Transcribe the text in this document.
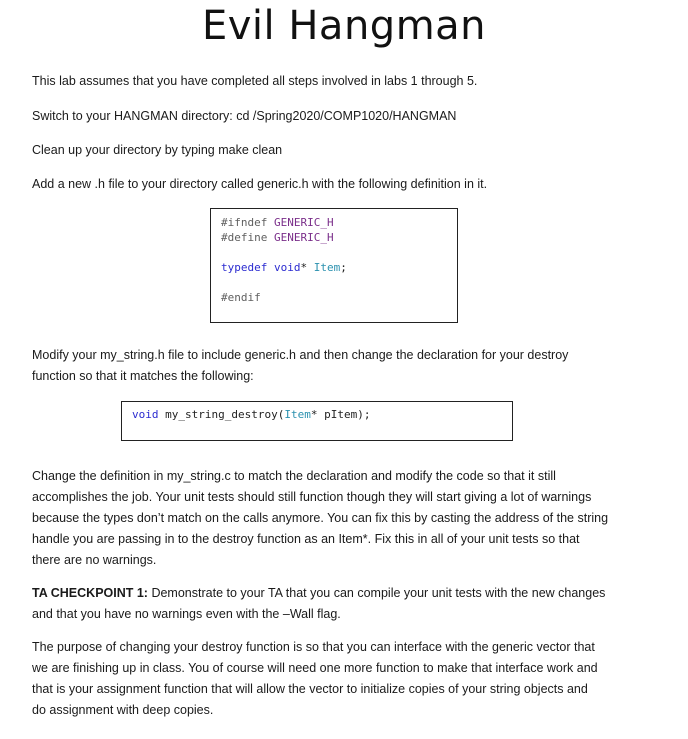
Evil Hangman
This lab assumes that you have completed all steps involved in labs 1 through 5.
Switch to your HANGMAN directory: cd /Spring2020/COMP1020/HANGMAN
Clean up your directory by typing make clean
Add a new .h file to your directory called generic.h with the following definition in it.
#ifndef GENERIC_H
#define GENERIC_H
typedef void* Item;
#endif
Modify your my_string.h file to include generic.h and then change the declaration for your destroy
function so that it matches the following:
void my_string_destroy(Item* pItem);
Change the definition in my_string.c to match the declaration and modify the code so that it still
accomplishes the job. Your unit tests should still function though they will start giving a lot of warnings
because the types don’t match on the calls anymore. You can fix this by casting the address of the string
handle you are passing in to the destroy function as an Item*. Fix this in all of your unit tests so that
there are no warnings.
TA CHECKPOINT 1: Demonstrate to your TA that you can compile your unit tests with the new changes
and that you have no warnings even with the –Wall flag.
The purpose of changing your destroy function is so that you can interface with the generic vector that
we are finishing up in class. You of course will need one more function to make that interface work and
that is your assignment function that will allow the vector to initialize copies of your string objects and
do assignment with deep copies.
